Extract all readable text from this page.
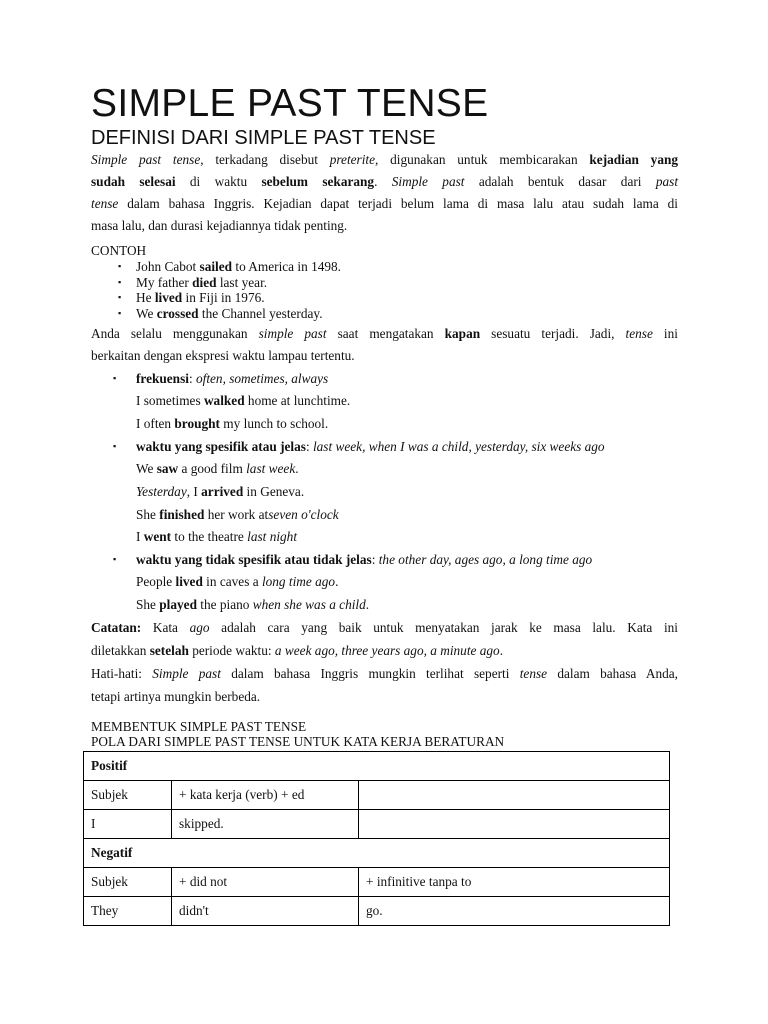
SIMPLE PAST TENSE
DEFINISI DARI SIMPLE PAST TENSE
Simple past tense, terkadang disebut preterite, digunakan untuk membicarakan kejadian yang
sudah selesai di waktu sebelum sekarang. Simple past adalah bentuk dasar dari past
tense dalam bahasa Inggris. Kejadian dapat terjadi belum lama di masa lalu atau sudah lama di
masa lalu, dan durasi kejadiannya tidak penting.
CONTOH
▪ John Cabot sailed to America in 1498.
▪ My father died last year.
▪ He lived in Fiji in 1976.
▪ We crossed the Channel yesterday.
Anda selalu menggunakan simple past saat mengatakan kapan sesuatu terjadi. Jadi, tense ini
berkaitan dengan ekspresi waktu lampau tertentu.
▪ frekuensi: often, sometimes, always
I sometimes walked home at lunchtime.
I often brought my lunch to school.
▪ waktu yang spesifik atau jelas: last week, when I was a child, yesterday, six weeks ago
We saw a good film last week.
Yesterday, I arrived in Geneva.
She finished her work atseven o'clock
I went to the theatre last night
▪ waktu yang tidak spesifik atau tidak jelas: the other day, ages ago, a long time ago
People lived in caves a long time ago.
She played the piano when she was a child.
Catatan: Kata ago adalah cara yang baik untuk menyatakan jarak ke masa lalu. Kata ini
diletakkan setelah periode waktu: a week ago, three years ago, a minute ago.
Hati-hati: Simple past dalam bahasa Inggris mungkin terlihat seperti tense dalam bahasa Anda,
tetapi artinya mungkin berbeda.
MEMBENTUK SIMPLE PAST TENSE
POLA DARI SIMPLE PAST TENSE UNTUK KATA KERJA BERATURAN
Positif		
Subjek	+ kata kerja (verb) + ed	
I	skipped.	
Negatif		
Subjek	+ did not	+ infinitive tanpa to
They	didn't	go.
